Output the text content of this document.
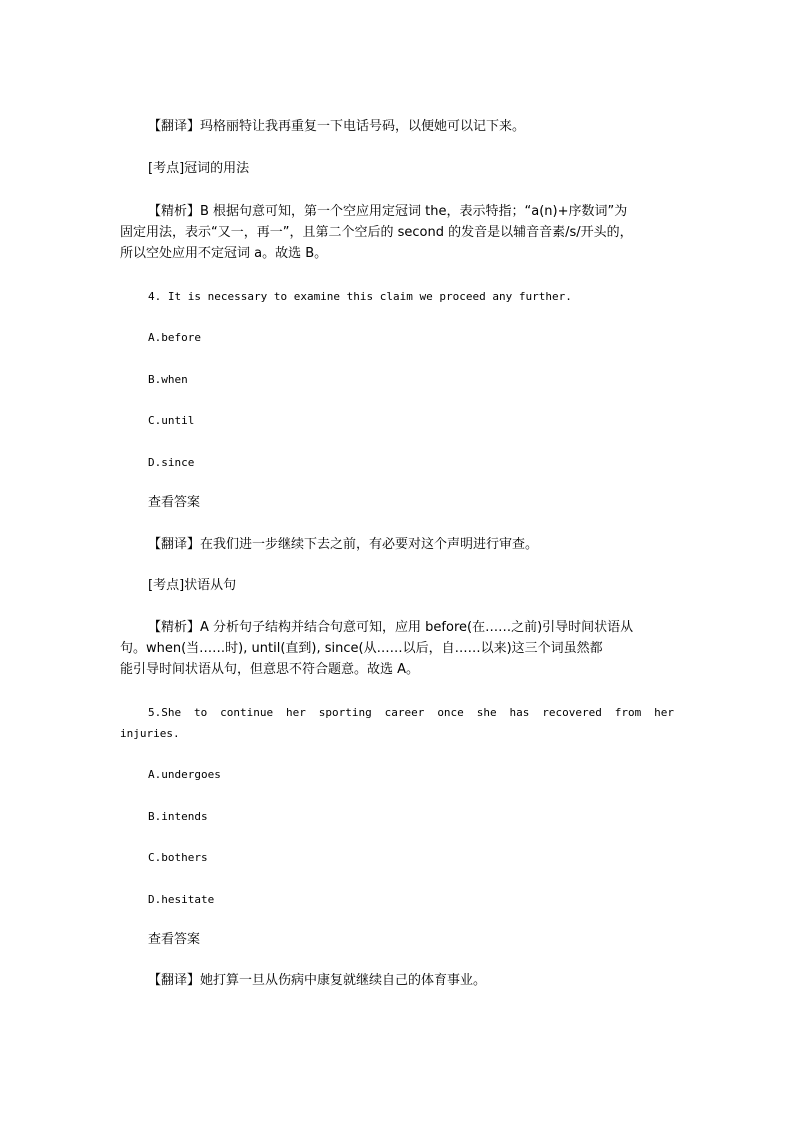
【翻译】玛格丽特让我再重复一下电话号码，以便她可以记下来。
[考点]冠词的用法
【精析】B 根据句意可知，第一个空应用定冠词 the，表示特指；“a(n)+序数词”为
固定用法，表示“又一，再一”，且第二个空后的 second 的发音是以辅音音素/s/开头的，
所以空处应用不定冠词 a。故选 B。
4. It is necessary to examine this claim we proceed any further.
A.before
B.when
C.until
D.since
查看答案
【翻译】在我们进一步继续下去之前，有必要对这个声明进行审查。
[考点]状语从句
【精析】A 分析句子结构并结合句意可知，应用 before(在……之前)引导时间状语从
句。when(当……时), until(直到), since(从……以后，自……以来)这三个词虽然都
能引导时间状语从句，但意思不符合题意。故选 A。
5.She to continue her sporting career once she has recovered from her
injuries.
A.undergoes
B.intends
C.bothers
D.hesitate
查看答案
【翻译】她打算一旦从伤病中康复就继续自己的体育事业。
